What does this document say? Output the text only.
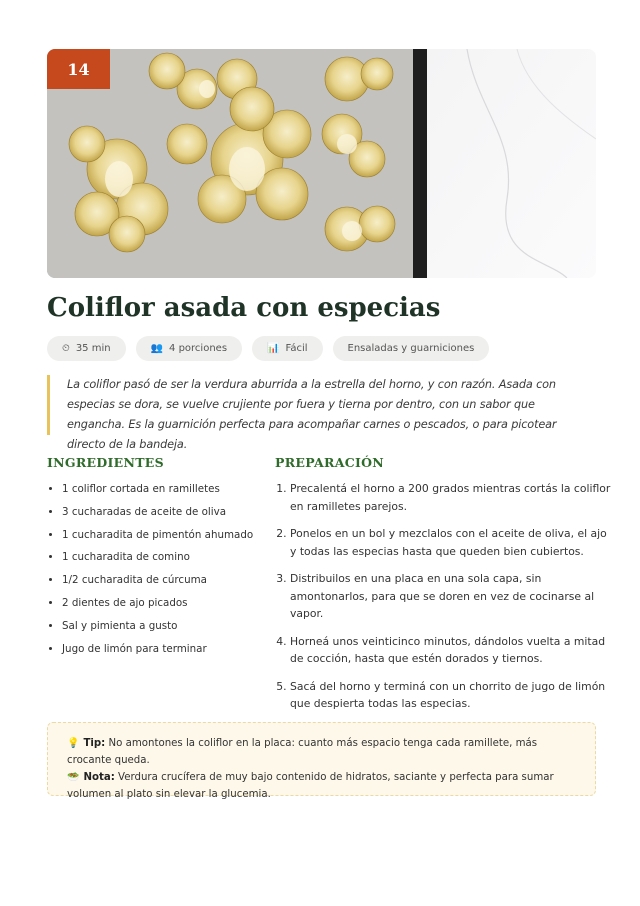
14
Coliflor asada con especias
⏲ 35 min	👥 4 porciones	📊 Fácil	Ensaladas y guarniciones

La coliflor pasó de ser la verdura aburrida a la estrella del horno, y con razón. Asada con especias se dora, se vuelve crujiente por fuera y tierna por dentro, con un sabor que engancha. Es la guarnición perfecta para acompañar carnes o pescados, o para picotear directo de la bandeja.

INGREDIENTES	PREPARACIÓN
• 1 coliflor cortada en ramilletes
• 3 cucharadas de aceite de oliva
• 1 cucharadita de pimentón ahumado
• 1 cucharadita de comino
• 1/2 cucharadita de cúrcuma
• 2 dientes de ajo picados
• Sal y pimienta a gusto
• Jugo de limón para terminar
1. Precalentá el horno a 200 grados mientras cortás la coliflor en ramilletes parejos.
2. Ponelos en un bol y mezclalos con el aceite de oliva, el ajo y todas las especias hasta que queden bien cubiertos.
3. Distribuilos en una placa en una sola capa, sin amontonarlos, para que se doren en vez de cocinarse al vapor.
4. Horneá unos veinticinco minutos, dándolos vuelta a mitad de cocción, hasta que estén dorados y tiernos.
5. Sacá del horno y terminá con un chorrito de jugo de limón que despierta todas las especias.
💡 Tip: No amontones la coliflor en la placa: cuanto más espacio tenga cada ramillete, más crocante queda.
🥗 Nota: Verdura crucífera de muy bajo contenido de hidratos, saciante y perfecta para sumar volumen al plato sin elevar la glucemia.
